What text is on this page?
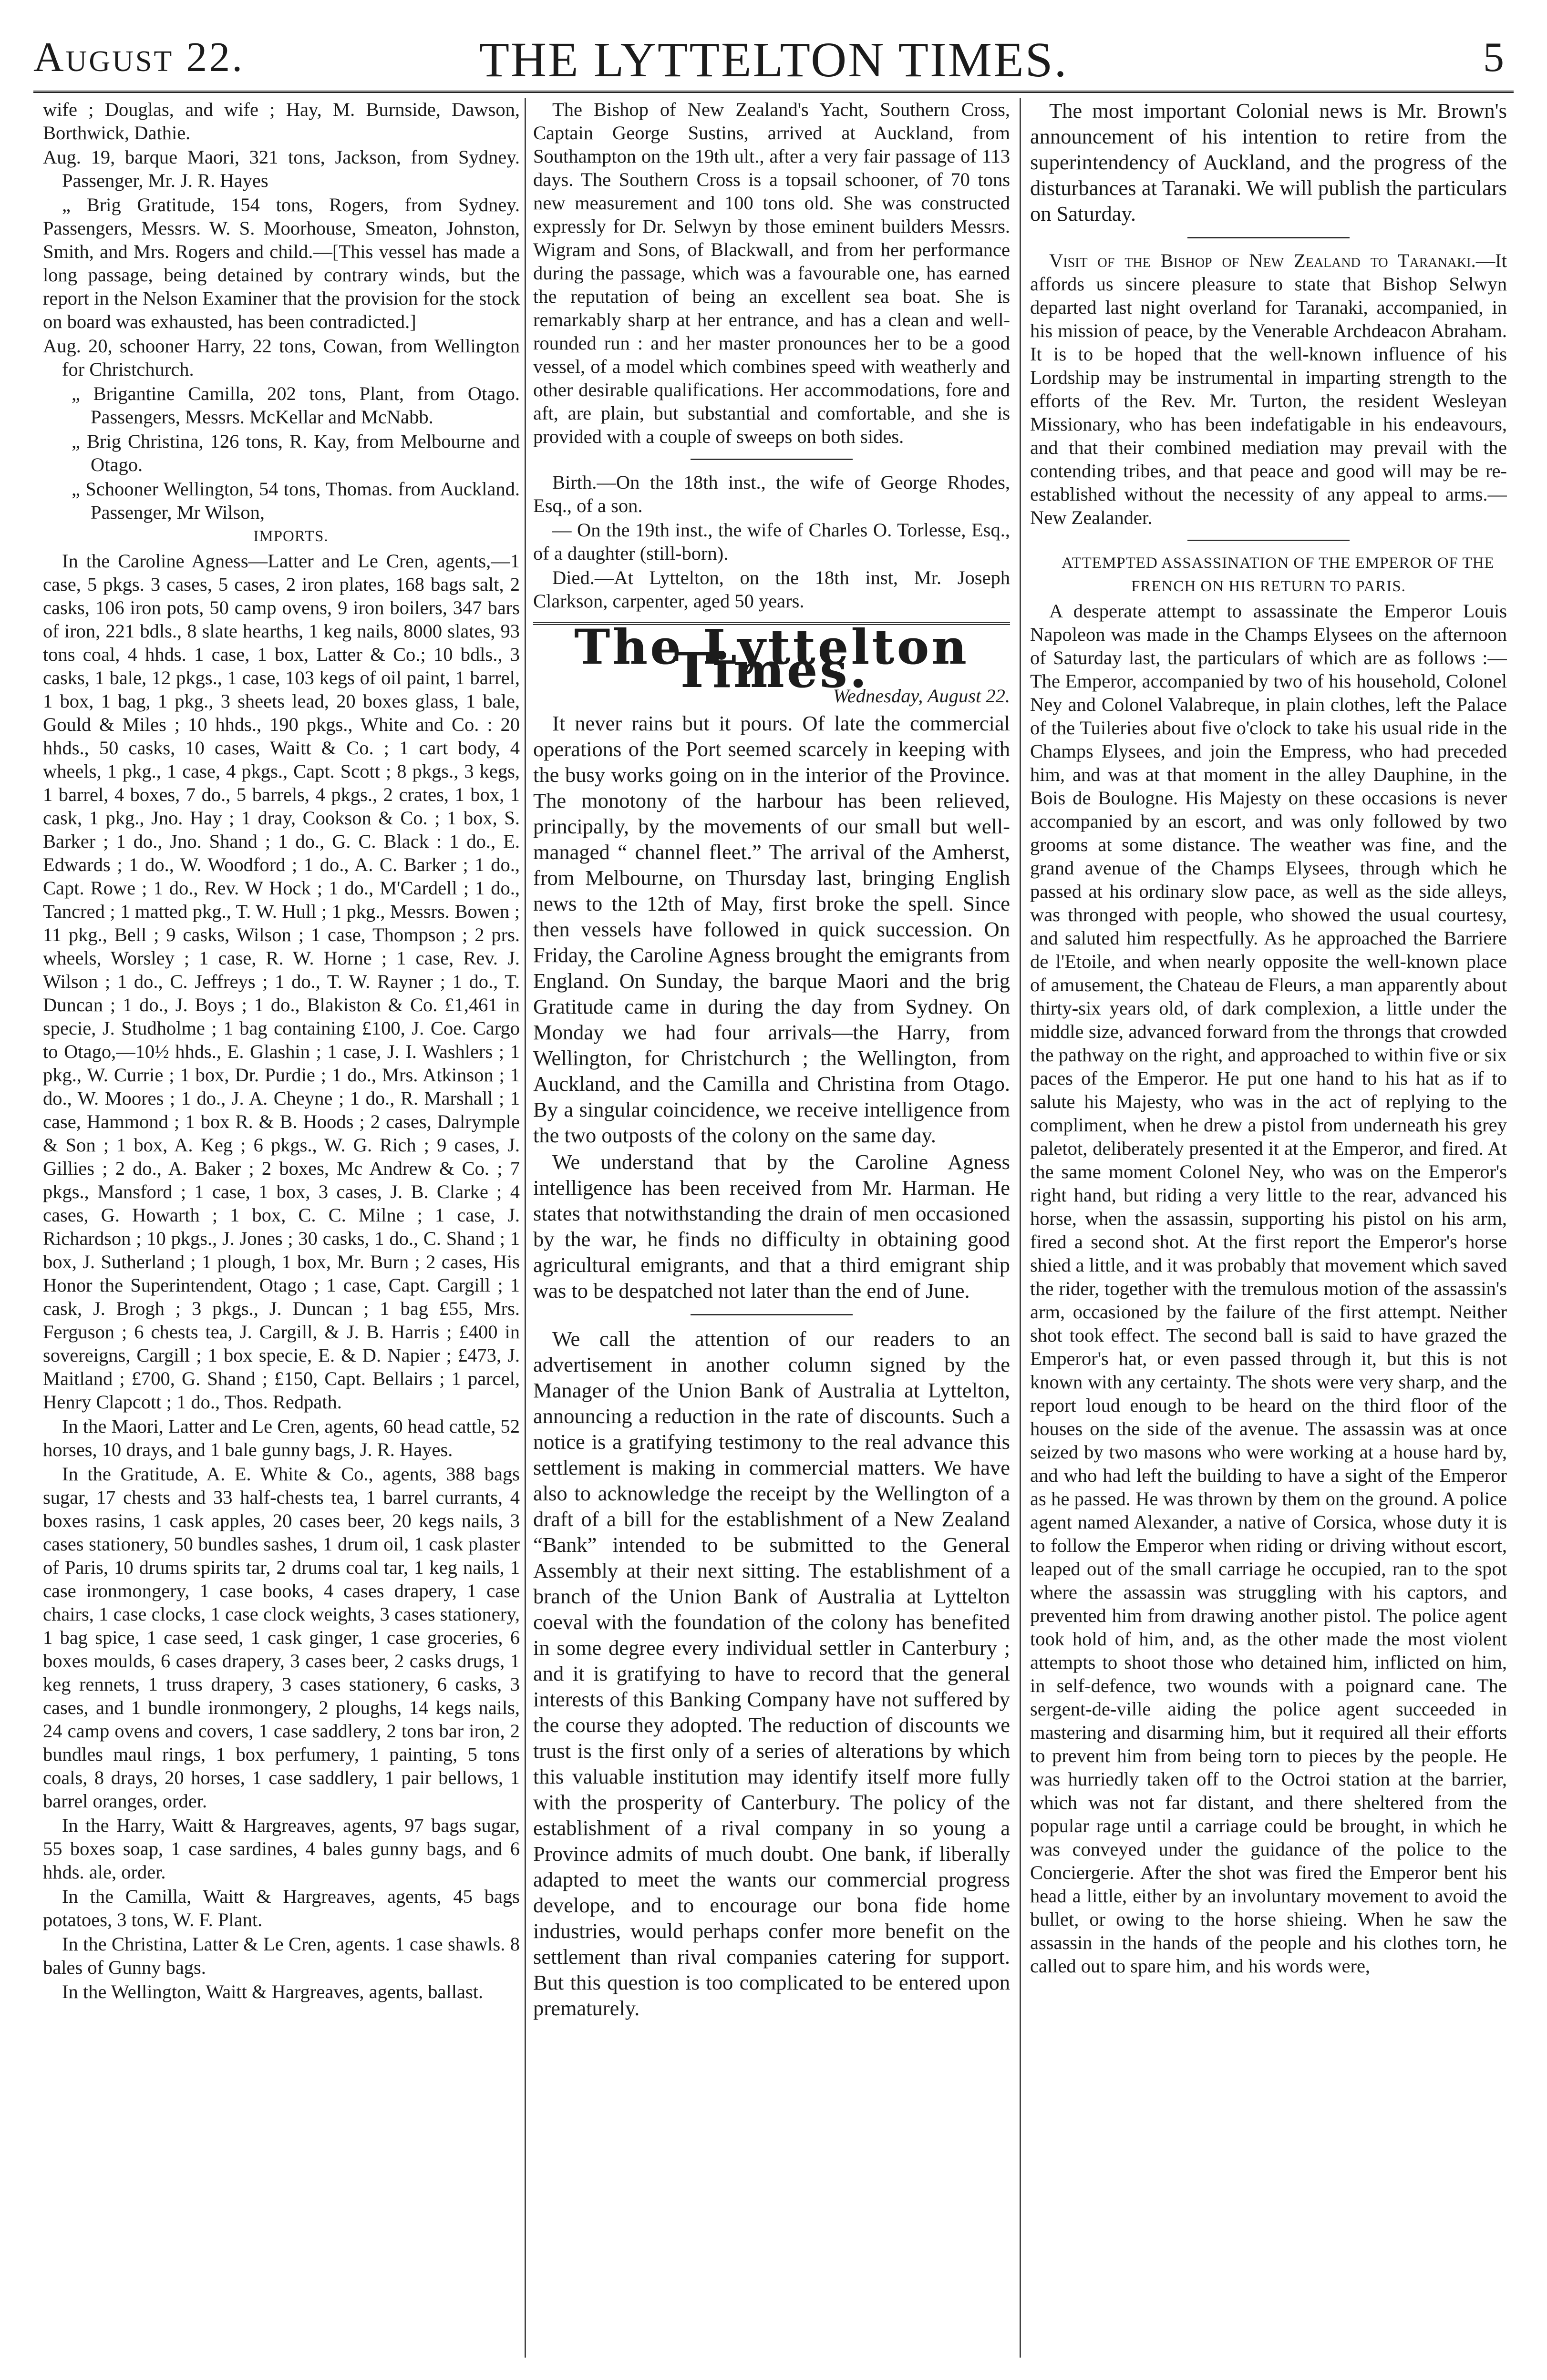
August 22.	THE LYTTELTON TIMES.	5

wife ; Douglas, and wife ; Hay, M. Burnside, Dawson, Borthwick, Dathie.

Aug. 19, barque Maori, 321 tons, Jackson, from Sydney. Passenger, Mr. J. R. Hayes

„ Brig Gratitude, 154 tons, Rogers, from Sydney. Passengers, Messrs. W. S. Moorhouse, Smeaton, Johnston, Smith, and Mrs. Rogers and child.—[This vessel has made a long passage, being detained by contrary winds, but the report in the Nelson Examiner that the provision for the stock on board was exhausted, has been contradicted.]

Aug. 20, schooner Harry, 22 tons, Cowan, from Wellington for Christchurch.

„ Brigantine Camilla, 202 tons, Plant, from Otago. Passengers, Messrs. McKellar and McNabb.

„ Brig Christina, 126 tons, R. Kay, from Melbourne and Otago.

„ Schooner Wellington, 54 tons, Thomas. from Auckland. Passenger, Mr Wilson,

IMPORTS.

In the Caroline Agness—Latter and Le Cren, agents,—1 case, 5 pkgs. 3 cases, 5 cases, 2 iron plates, 168 bags salt, 2 casks, 106 iron pots, 50 camp ovens, 9 iron boilers, 347 bars of iron, 221 bdls., 8 slate hearths, 1 keg nails, 8000 slates, 93 tons coal, 4 hhds. 1 case, 1 box, Latter & Co.; 10 bdls., 3 casks, 1 bale, 12 pkgs., 1 case, 103 kegs of oil paint, 1 barrel, 1 box, 1 bag, 1 pkg., 3 sheets lead, 20 boxes glass, 1 bale, Gould & Miles ; 10 hhds., 190 pkgs., White and Co. : 20 hhds., 50 casks, 10 cases, Waitt & Co. ; 1 cart body, 4 wheels, 1 pkg., 1 case, 4 pkgs., Capt. Scott ; 8 pkgs., 3 kegs, 1 barrel, 4 boxes, 7 do., 5 barrels, 4 pkgs., 2 crates, 1 box, 1 cask, 1 pkg., Jno. Hay ; 1 dray, Cookson & Co. ; 1 box, S. Barker ; 1 do., Jno. Shand ; 1 do., G. C. Black : 1 do., E. Edwards ; 1 do., W. Woodford ; 1 do., A. C. Barker ; 1 do., Capt. Rowe ; 1 do., Rev. W Hock ; 1 do., M'Cardell ; 1 do., Tancred ; 1 matted pkg., T. W. Hull ; 1 pkg., Messrs. Bowen ; 11 pkg., Bell ; 9 casks, Wilson ; 1 case, Thompson ; 2 prs. wheels, Worsley ; 1 case, R. W. Horne ; 1 case, Rev. J. Wilson ; 1 do., C. Jeffreys ; 1 do., T. W. Rayner ; 1 do., T. Duncan ; 1 do., J. Boys ; 1 do., Blakiston & Co. £1,461 in specie, J. Studholme ; 1 bag containing £100, J. Coe. Cargo to Otago,—10½ hhds., E. Glashin ; 1 case, J. I. Washlers ; 1 pkg., W. Currie ; 1 box, Dr. Purdie ; 1 do., Mrs. Atkinson ; 1 do., W. Moores ; 1 do., J. A. Cheyne ; 1 do., R. Marshall ; 1 case, Hammond ; 1 box R. & B. Hoods ; 2 cases, Dalrymple & Son ; 1 box, A. Keg ; 6 pkgs., W. G. Rich ; 9 cases, J. Gillies ; 2 do., A. Baker ; 2 boxes, Mc Andrew & Co. ; 7 pkgs., Mansford ; 1 case, 1 box, 3 cases, J. B. Clarke ; 4 cases, G. Howarth ; 1 box, C. C. Milne ; 1 case, J. Richardson ; 10 pkgs., J. Jones ; 30 casks, 1 do., C. Shand ; 1 box, J. Sutherland ; 1 plough, 1 box, Mr. Burn ; 2 cases, His Honor the Superintendent, Otago ; 1 case, Capt. Cargill ; 1 cask, J. Brogh ; 3 pkgs., J. Duncan ; 1 bag £55, Mrs. Ferguson ; 6 chests tea, J. Cargill, & J. B. Harris ; £400 in sovereigns, Cargill ; 1 box specie, E. & D. Napier ; £473, J. Maitland ; £700, G. Shand ; £150, Capt. Bellairs ; 1 parcel, Henry Clapcott ; 1 do., Thos. Redpath.

In the Maori, Latter and Le Cren, agents, 60 head cattle, 52 horses, 10 drays, and 1 bale gunny bags, J. R. Hayes.

In the Gratitude, A. E. White & Co., agents, 388 bags sugar, 17 chests and 33 half-chests tea, 1 barrel currants, 4 boxes rasins, 1 cask apples, 20 cases beer, 20 kegs nails, 3 cases stationery, 50 bundles sashes, 1 drum oil, 1 cask plaster of Paris, 10 drums spirits tar, 2 drums coal tar, 1 keg nails, 1 case ironmongery, 1 case books, 4 cases drapery, 1 case chairs, 1 case clocks, 1 case clock weights, 3 cases stationery, 1 bag spice, 1 case seed, 1 cask ginger, 1 case groceries, 6 boxes moulds, 6 cases drapery, 3 cases beer, 2 casks drugs, 1 keg rennets, 1 truss drapery, 3 cases stationery, 6 casks, 3 cases, and 1 bundle ironmongery, 2 ploughs, 14 kegs nails, 24 camp ovens and covers, 1 case saddlery, 2 tons bar iron, 2 bundles maul rings, 1 box perfumery, 1 painting, 5 tons coals, 8 drays, 20 horses, 1 case saddlery, 1 pair bellows, 1 barrel oranges, order.

In the Harry, Waitt & Hargreaves, agents, 97 bags sugar, 55 boxes soap, 1 case sardines, 4 bales gunny bags, and 6 hhds. ale, order.

In the Camilla, Waitt & Hargreaves, agents, 45 bags potatoes, 3 tons, W. F. Plant.

In the Christina, Latter & Le Cren, agents. 1 case shawls. 8 bales of Gunny bags.

In the Wellington, Waitt & Hargreaves, agents, ballast.

The Bishop of New Zealand's Yacht, Southern Cross, Captain George Sustins, arrived at Auckland, from Southampton on the 19th ult., after a very fair passage of 113 days. The Southern Cross is a topsail schooner, of 70 tons new measurement and 100 tons old. She was constructed expressly for Dr. Selwyn by those eminent builders Messrs. Wigram and Sons, of Blackwall, and from her performance during the passage, which was a favourable one, has earned the reputation of being an excellent sea boat. She is remarkably sharp at her entrance, and has a clean and well-rounded run : and her master pronounces her to be a good vessel, of a model which combines speed with weatherly and other desirable qualifications. Her accommodations, fore and aft, are plain, but substantial and comfortable, and she is provided with a couple of sweeps on both sides.

Birth.—On the 18th inst., the wife of George Rhodes, Esq., of a son.

— On the 19th inst., the wife of Charles O. Torlesse, Esq., of a daughter (still-born).

Died.—At Lyttelton, on the 18th inst, Mr. Joseph Clarkson, carpenter, aged 50 years.

The Lyttelton Times.
Wednesday, August 22.

It never rains but it pours. Of late the commercial operations of the Port seemed scarcely in keeping with the busy works going on in the interior of the Province. The monotony of the harbour has been relieved, principally, by the movements of our small but well-managed “ channel fleet.” The arrival of the Amherst, from Melbourne, on Thursday last, bringing English news to the 12th of May, first broke the spell. Since then vessels have followed in quick succession. On Friday, the Caroline Agness brought the emigrants from England. On Sunday, the barque Maori and the brig Gratitude came in during the day from Sydney. On Monday we had four arrivals—the Harry, from Wellington, for Christchurch ; the Wellington, from Auckland, and the Camilla and Christina from Otago. By a singular coincidence, we receive intelligence from the two outposts of the colony on the same day.

We understand that by the Caroline Agness intelligence has been received from Mr. Harman. He states that notwithstanding the drain of men occasioned by the war, he finds no difficulty in obtaining good agricultural emigrants, and that a third emigrant ship was to be despatched not later than the end of June.

We call the attention of our readers to an advertisement in another column signed by the Manager of the Union Bank of Australia at Lyttelton, announcing a reduction in the rate of discounts. Such a notice is a gratifying testimony to the real advance this settlement is making in commercial matters. We have also to acknowledge the receipt by the Wellington of a draft of a bill for the establishment of a New Zealand “Bank” intended to be submitted to the General Assembly at their next sitting. The establishment of a branch of the Union Bank of Australia at Lyttelton coeval with the foundation of the colony has benefited in some degree every individual settler in Canterbury ; and it is gratifying to have to record that the general interests of this Banking Company have not suffered by the course they adopted. The reduction of discounts we trust is the first only of a series of alterations by which this valuable institution may identify itself more fully with the prosperity of Canterbury. The policy of the establishment of a rival company in so young a Province admits of much doubt. One bank, if liberally adapted to meet the wants our commercial progress develope, and to encourage our bona fide home industries, would perhaps confer more benefit on the settlement than rival companies catering for support. But this question is too complicated to be entered upon prematurely.

The most important Colonial news is Mr. Brown's announcement of his intention to retire from the superintendency of Auckland, and the progress of the disturbances at Taranaki. We will publish the particulars on Saturday.

Visit of the Bishop of New Zealand to Taranaki.—It affords us sincere pleasure to state that Bishop Selwyn departed last night overland for Taranaki, accompanied, in his mission of peace, by the Venerable Archdeacon Abraham. It is to be hoped that the well-known influence of his Lordship may be instrumental in imparting strength to the efforts of the Rev. Mr. Turton, the resident Wesleyan Missionary, who has been indefatigable in his endeavours, and that their combined mediation may prevail with the contending tribes, and that peace and good will may be re-established without the necessity of any appeal to arms.—New Zealander.

ATTEMPTED ASSASSINATION OF THE EMPEROR OF THE FRENCH ON HIS RETURN TO PARIS.

A desperate attempt to assassinate the Emperor Louis Napoleon was made in the Champs Elysees on the afternoon of Saturday last, the particulars of which are as follows :—The Emperor, accompanied by two of his household, Colonel Ney and Colonel Valabreque, in plain clothes, left the Palace of the Tuileries about five o'clock to take his usual ride in the Champs Elysees, and join the Empress, who had preceded him, and was at that moment in the alley Dauphine, in the Bois de Boulogne. His Majesty on these occasions is never accompanied by an escort, and was only followed by two grooms at some distance. The weather was fine, and the grand avenue of the Champs Elysees, through which he passed at his ordinary slow pace, as well as the side alleys, was thronged with people, who showed the usual courtesy, and saluted him respectfully. As he approached the Barriere de l'Etoile, and when nearly opposite the well-known place of amusement, the Chateau de Fleurs, a man apparently about thirty-six years old, of dark complexion, a little under the middle size, advanced forward from the throngs that crowded the pathway on the right, and approached to within five or six paces of the Emperor. He put one hand to his hat as if to salute his Majesty, who was in the act of replying to the compliment, when he drew a pistol from underneath his grey paletot, deliberately presented it at the Emperor, and fired. At the same moment Colonel Ney, who was on the Emperor's right hand, but riding a very little to the rear, advanced his horse, when the assassin, supporting his pistol on his arm, fired a second shot. At the first report the Emperor's horse shied a little, and it was probably that movement which saved the rider, together with the tremulous motion of the assassin's arm, occasioned by the failure of the first attempt. Neither shot took effect. The second ball is said to have grazed the Emperor's hat, or even passed through it, but this is not known with any certainty. The shots were very sharp, and the report loud enough to be heard on the third floor of the houses on the side of the avenue. The assassin was at once seized by two masons who were working at a house hard by, and who had left the building to have a sight of the Emperor as he passed. He was thrown by them on the ground. A police agent named Alexander, a native of Corsica, whose duty it is to follow the Emperor when riding or driving without escort, leaped out of the small carriage he occupied, ran to the spot where the assassin was struggling with his captors, and prevented him from drawing another pistol. The police agent took hold of him, and, as the other made the most violent attempts to shoot those who detained him, inflicted on him, in self-defence, two wounds with a poignard cane. The sergent-de-ville aiding the police agent succeeded in mastering and disarming him, but it required all their efforts to prevent him from being torn to pieces by the people. He was hurriedly taken off to the Octroi station at the barrier, which was not far distant, and there sheltered from the popular rage until a carriage could be brought, in which he was conveyed under the guidance of the police to the Conciergerie. After the shot was fired the Emperor bent his head a little, either by an involuntary movement to avoid the bullet, or owing to the horse shieing. When he saw the assassin in the hands of the people and his clothes torn, he called out to spare him, and his words were,
